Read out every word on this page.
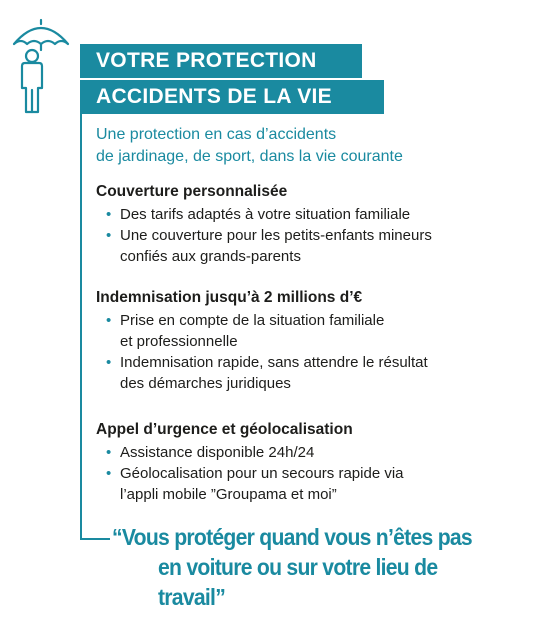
VOTRE PROTECTION
ACCIDENTS DE LA VIE
Une protection en cas d’accidents
de jardinage, de sport, dans la vie courante
Couverture personnalisée
• Des tarifs adaptés à votre situation familiale
• Une couverture pour les petits-enfants mineurs
confiés aux grands-parents
Indemnisation jusqu’à 2 millions d’€
• Prise en compte de la situation familiale
et professionnelle
• Indemnisation rapide, sans attendre le résultat
des démarches juridiques
Appel d’urgence et géolocalisation
• Assistance disponible 24h/24
• Géolocalisation pour un secours rapide via
l’appli mobile ”Groupama et moi”
“Vous protéger quand vous n’êtes pas
en voiture ou sur votre lieu de travail”
